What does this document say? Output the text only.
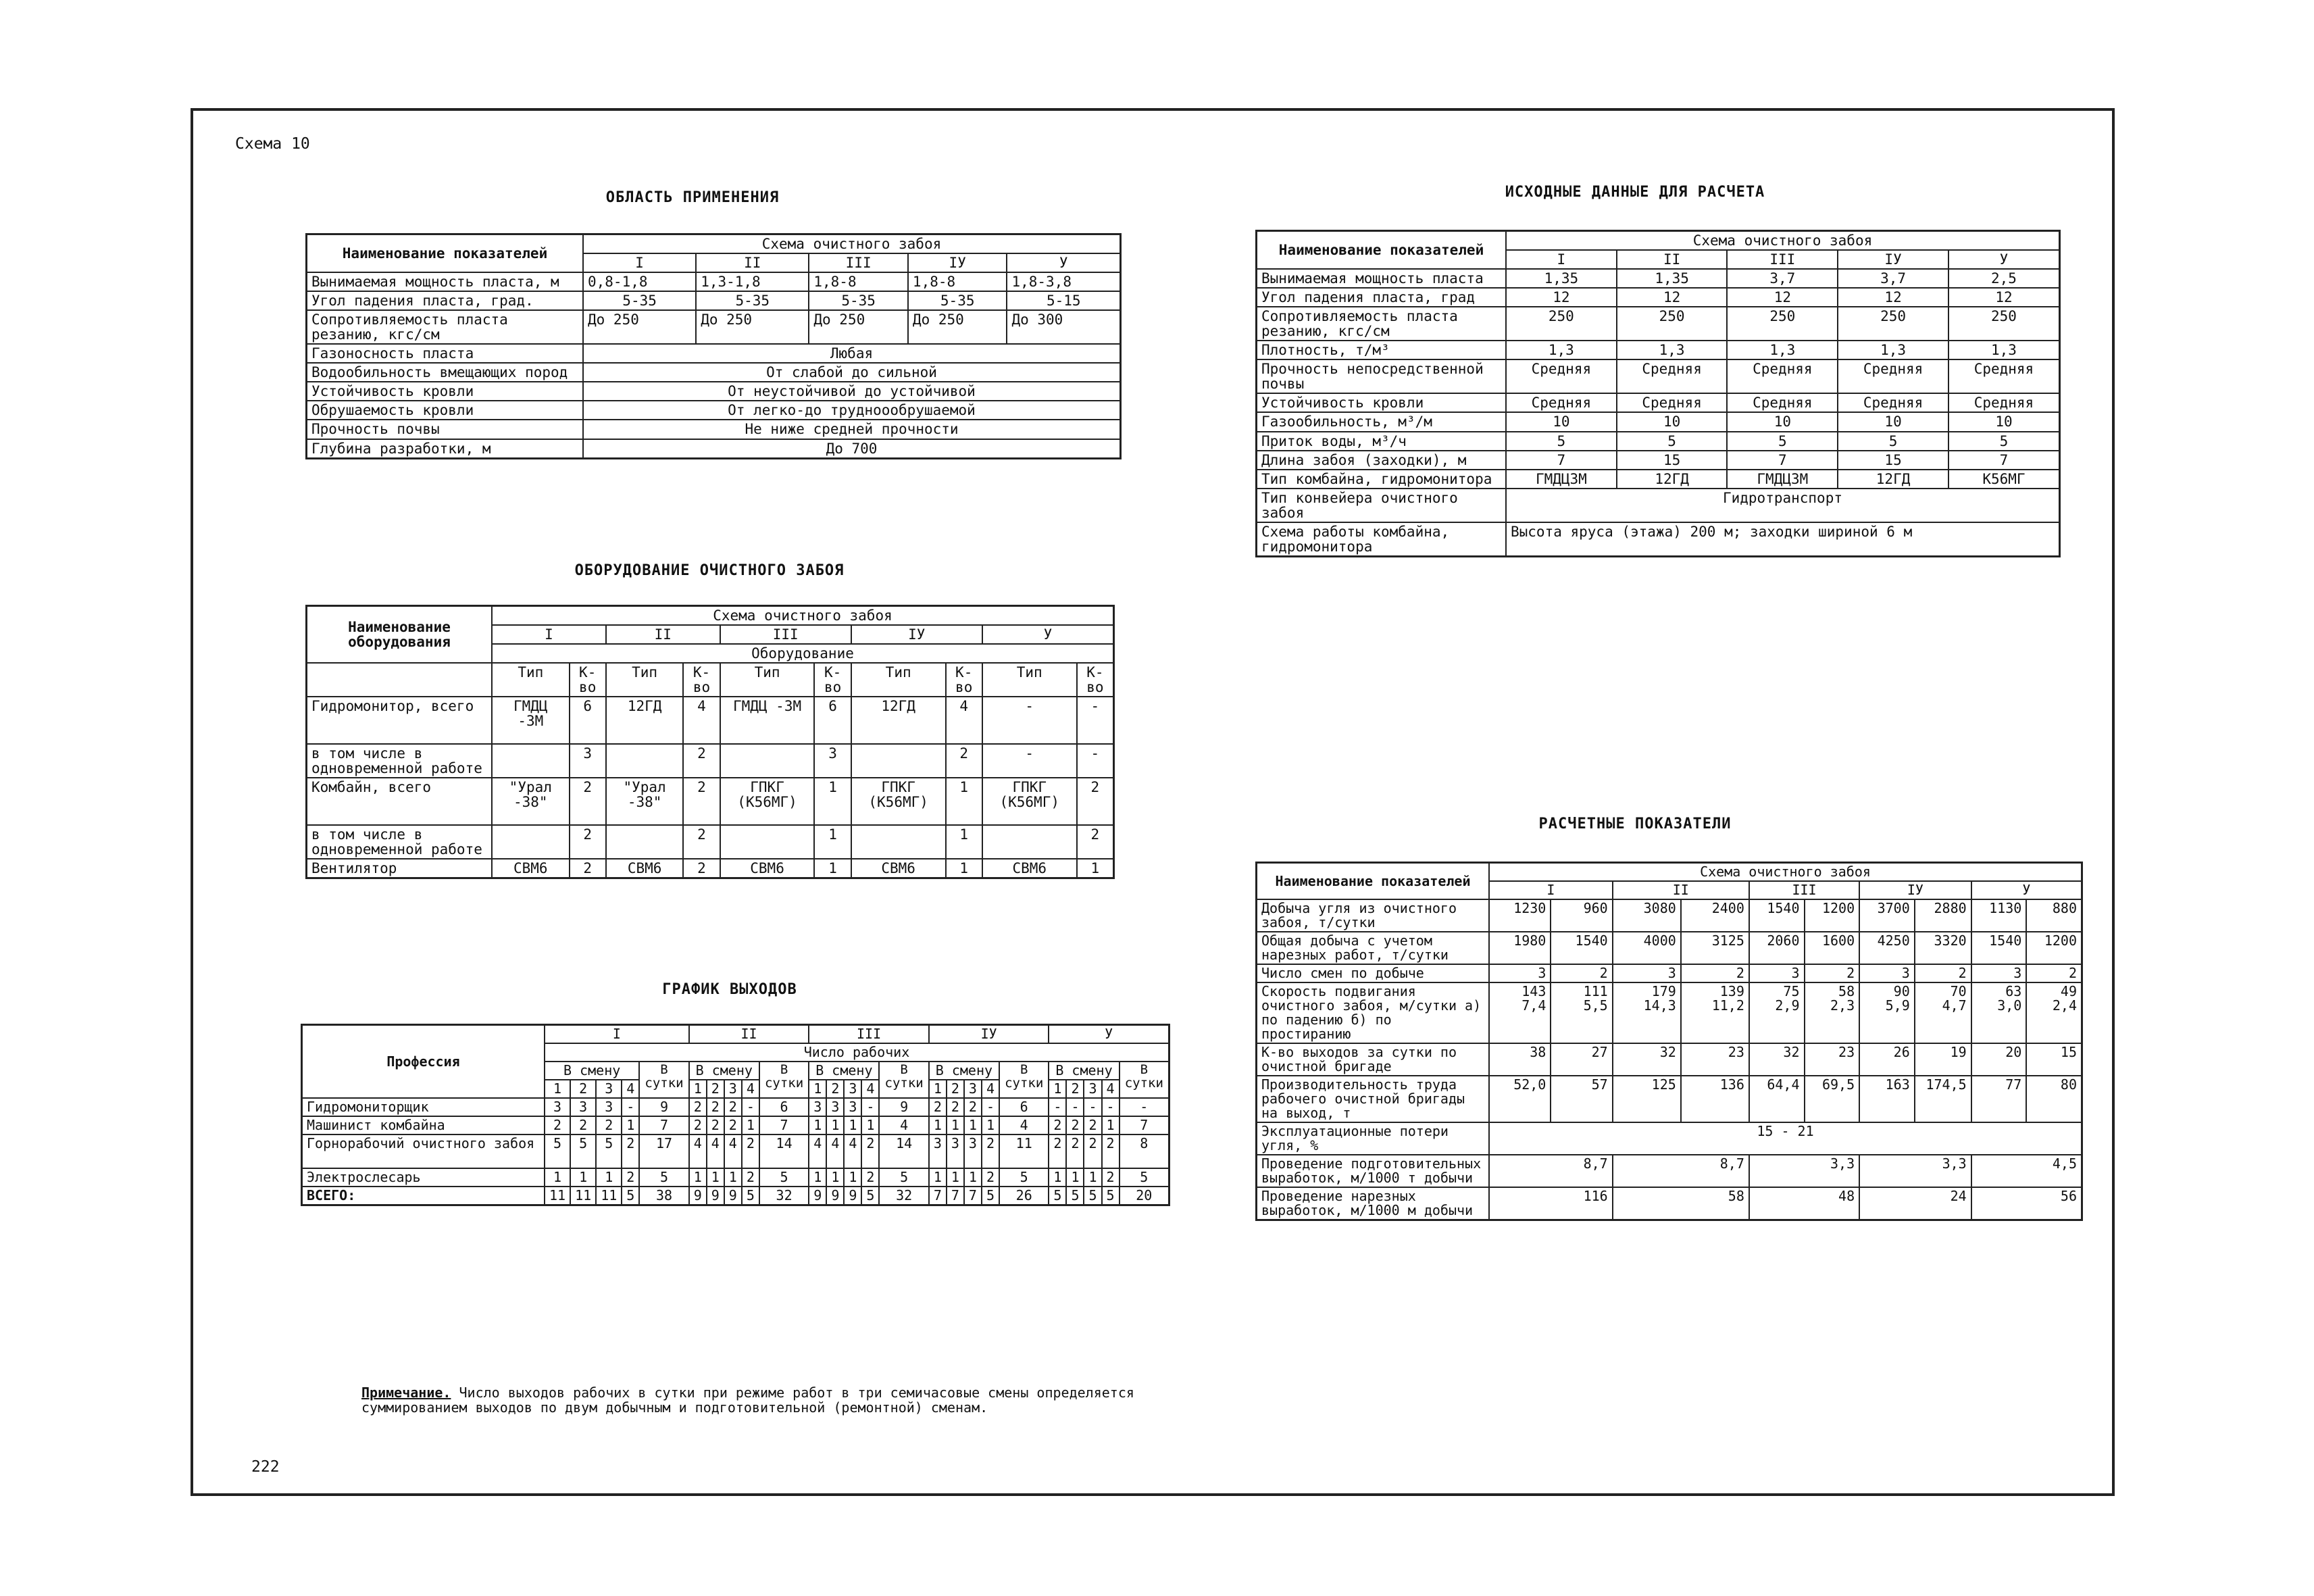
Схема 10
222
ОБЛАСТЬ ПРИМЕНЕНИЯ
Наименование показателей	Схема очистного забоя				
	I	II	III	IУ	У
Вынимаемая мощность пласта, м	0,8-1,8	1,3-1,8	1,8-8	1,8-8	1,8-3,8
Угол падения пласта, град.	5-35	5-35	5-35	5-35	5-15
Сопротивляемость пласта резанию, кгс/см	До 250	До 250	До 250	До 250	До 300
Газоносность пласта	Любая				
Водообильность вмещающих пород	От слабой до сильной				
Устойчивость кровли	От неустойчивой до устойчивой				
Обрушаемость кровли	От легко-до трудноообрушаемой				
Прочность почвы	Не ниже средней прочности				
Глубина разработки, м	До 700				
ОБОРУДОВАНИЕ ОЧИСТНОГО ЗАБОЯ
Наименование оборудования	Схема очистного забоя									
	I		II		III		IУ		У	
	Оборудование									
	Тип	К-во	Тип	К-во	Тип	К-во	Тип	К-во	Тип	К-во
Гидромонитор, всего	ГМДЦ -3М	6	12ГД	4	ГМДЦ -3М	6	12ГД	4	-	-
в том числе в одновременной работе		3		2		3		2	-	-
Комбайн, всего	"Урал -38"	2	"Урал -38"	2	ГПКГ (К56МГ)	1	ГПКГ (К56МГ)	1	ГПКГ (К56МГ)	2
в том числе в одновременной работе		2		2		1		1		2
Вентилятор	СВМ6	2	СВМ6	2	СВМ6	1	СВМ6	1	СВМ6	1
ГРАФИК ВЫХОДОВ
Профессия	I					II					III					IУ					У				
	Число рабочих																								
	В смену				В сутки	В смену				В сутки	В смену				В сутки	В смену				В сутки	В смену				В сутки
	1	2	3	4		1	2	3	4		1	2	3	4		1	2	3	4		1	2	3	4	
Гидромониторщик	3	3	3	-	9	2	2	2	-	6	3	3	3	-	9	2	2	2	-	6	-	-	-	-	-
Машинист комбайна	2	2	2	1	7	2	2	2	1	7	1	1	1	1	4	1	1	1	1	4	2	2	2	1	7
Горнорабочий очистного забоя	5	5	5	2	17	4	4	4	2	14	4	4	4	2	14	3	3	3	2	11	2	2	2	2	8
Электрослесарь	1	1	1	2	5	1	1	1	2	5	1	1	1	2	5	1	1	1	2	5	1	1	1	2	5
ВСЕГО:	11	11	11	5	38	9	9	9	5	32	9	9	9	5	32	7	7	7	5	26	5	5	5	5	20
Примечание. Число выходов рабочих в сутки при режиме работ в три семичасовые смены определяется суммированием выходов по двум добычным и подготовительной (ремонтной) сменам.
ИСХОДНЫЕ ДАННЫЕ ДЛЯ РАСЧЕТА
Наименование показателей	Схема очистного забоя				
	I	II	III	IУ	У
Вынимаемая мощность пласта	1,35	1,35	3,7	3,7	2,5
Угол падения пласта, град	12	12	12	12	12
Сопротивляемость пласта резанию, кгс/см	250	250	250	250	250
Плотность, т/м³	1,3	1,3	1,3	1,3	1,3
Прочность непосредственной почвы	Средняя	Средняя	Средняя	Средняя	Средняя
Устойчивость кровли	Средняя	Средняя	Средняя	Средняя	Средняя
Газообильность, м³/м	10	10	10	10	10
Приток воды, м³/ч	5	5	5	5	5
Длина забоя (заходки), м	7	15	7	15	7
Тип комбайна, гидромонитора	ГМДЦ3М	12ГД	ГМДЦ3М	12ГД	К56МГ
Тип конвейера очистного забоя	Гидротранспорт				
Схема работы комбайна, гидромонитора	Высота яруса (этажа) 200 м; заходки шириной 6 м				
РАСЧЕТНЫЕ ПОКАЗАТЕЛИ
Наименование показателей	Схема очистного забоя									
	I		II		III		IУ		У	
Добыча угля из очистного забоя, т/сутки	1230	960	3080	2400	1540	1200	3700	2880	1130	880
Общая добыча с учетом нарезных работ, т/сутки	1980	1540	4000	3125	2060	1600	4250	3320	1540	1200
Число смен по добыче	3	2	3	2	3	2	3	2	3	2
Скорость подвигания очистного забоя, м/сутки а) по падению б) по простиранию	143 7,4	111 5,5	179 14,3	139 11,2	75 2,9	58 2,3	90 5,9	70 4,7	63 3,0	49 2,4
К-во выходов за сутки по очистной бригаде	38	27	32	23	32	23	26	19	20	15
Производительность труда рабочего очистной бригады на выход, т	52,0	57	125	136	64,4	69,5	163	174,5	77	80
Эксплуатационные потери угля, %	15 - 21									
Проведение подготовительных выработок, м/1000 т добычи	8,7		8,7		3,3		3,3		4,5	
Проведение нарезных выработок, м/1000 м добычи	116		58		48		24		56	
